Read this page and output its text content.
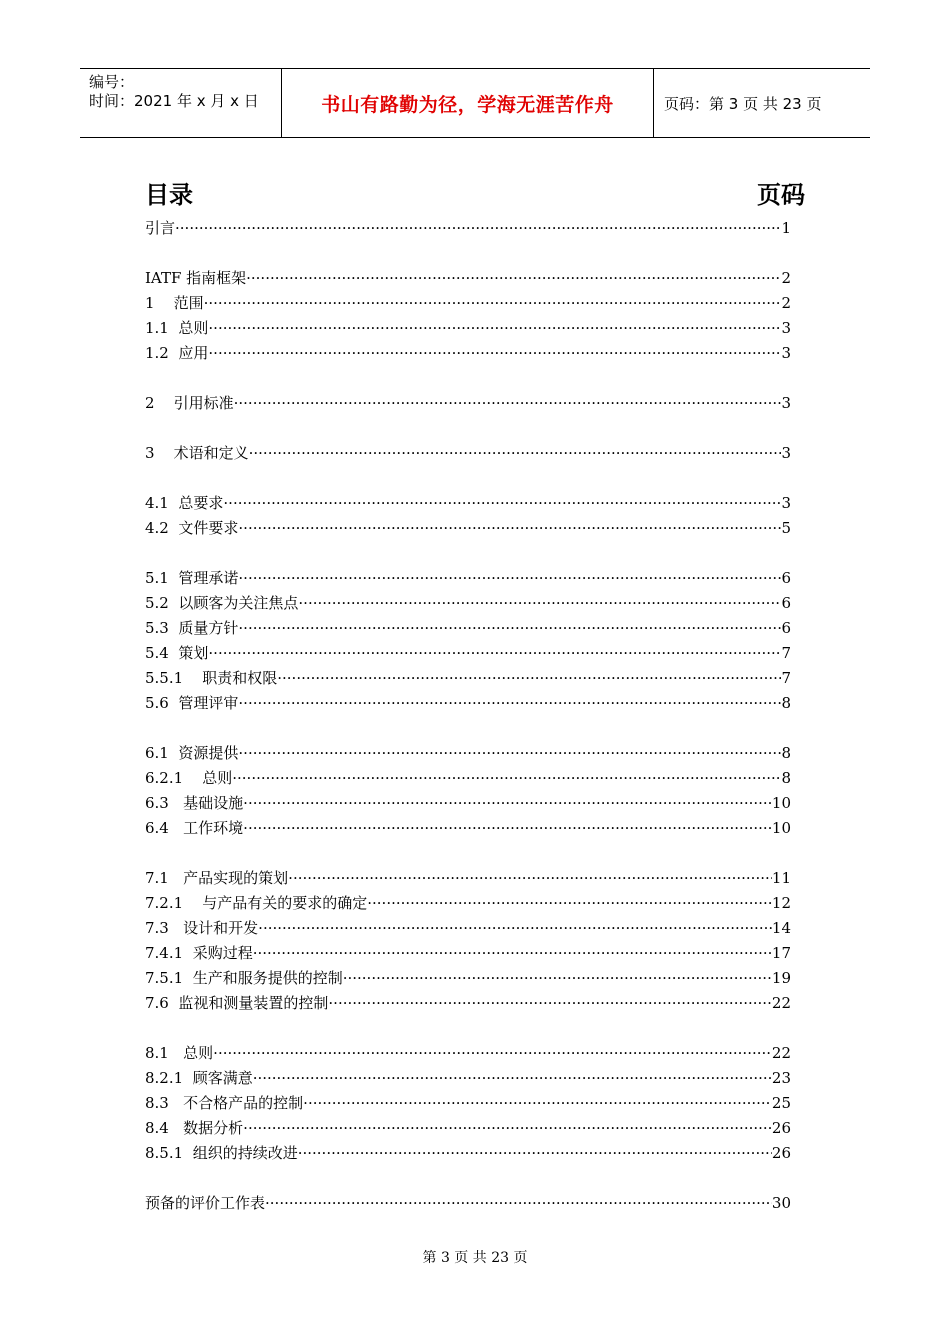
编号：
时间：2021 年 x 月 x 日	书山有路勤为径，学海无涯苦作舟	页码：第 3 页 共 23 页
目录	页码
引言 ·····	1
IATF 指南框架 ·····	2
1    范围 ·····	2
1.1  总则 ·····	3
1.2  应用 ·····	3
2    引用标准 ·····	3
3    术语和定义 ·····	3
4.1  总要求 ·····	3
4.2  文件要求 ·····	5
5.1  管理承诺 ·····	6
5.2  以顾客为关注焦点 ·····	6
5.3  质量方针 ·····	6
5.4  策划 ·····	7
5.5.1    职责和权限 ·····	7
5.6  管理评审 ·····	8
6.1  资源提供 ·····	8
6.2.1    总则 ·····	8
6.3   基础设施 ·····	10
6.4   工作环境 ·····	10
7.1   产品实现的策划 ·····	11
7.2.1    与产品有关的要求的确定 ·····	12
7.3   设计和开发 ·····	14
7.4.1  采购过程 ·····	17
7.5.1  生产和服务提供的控制 ·····	19
7.6  监视和测量装置的控制 ·····	22
8.1   总则 ·····	22
8.2.1  顾客满意 ·····	23
8.3   不合格产品的控制 ·····	25
8.4   数据分析 ·····	26
8.5.1  组织的持续改进 ·····	26
预备的评价工作表 ·····	30
第 3 页 共 23 页
